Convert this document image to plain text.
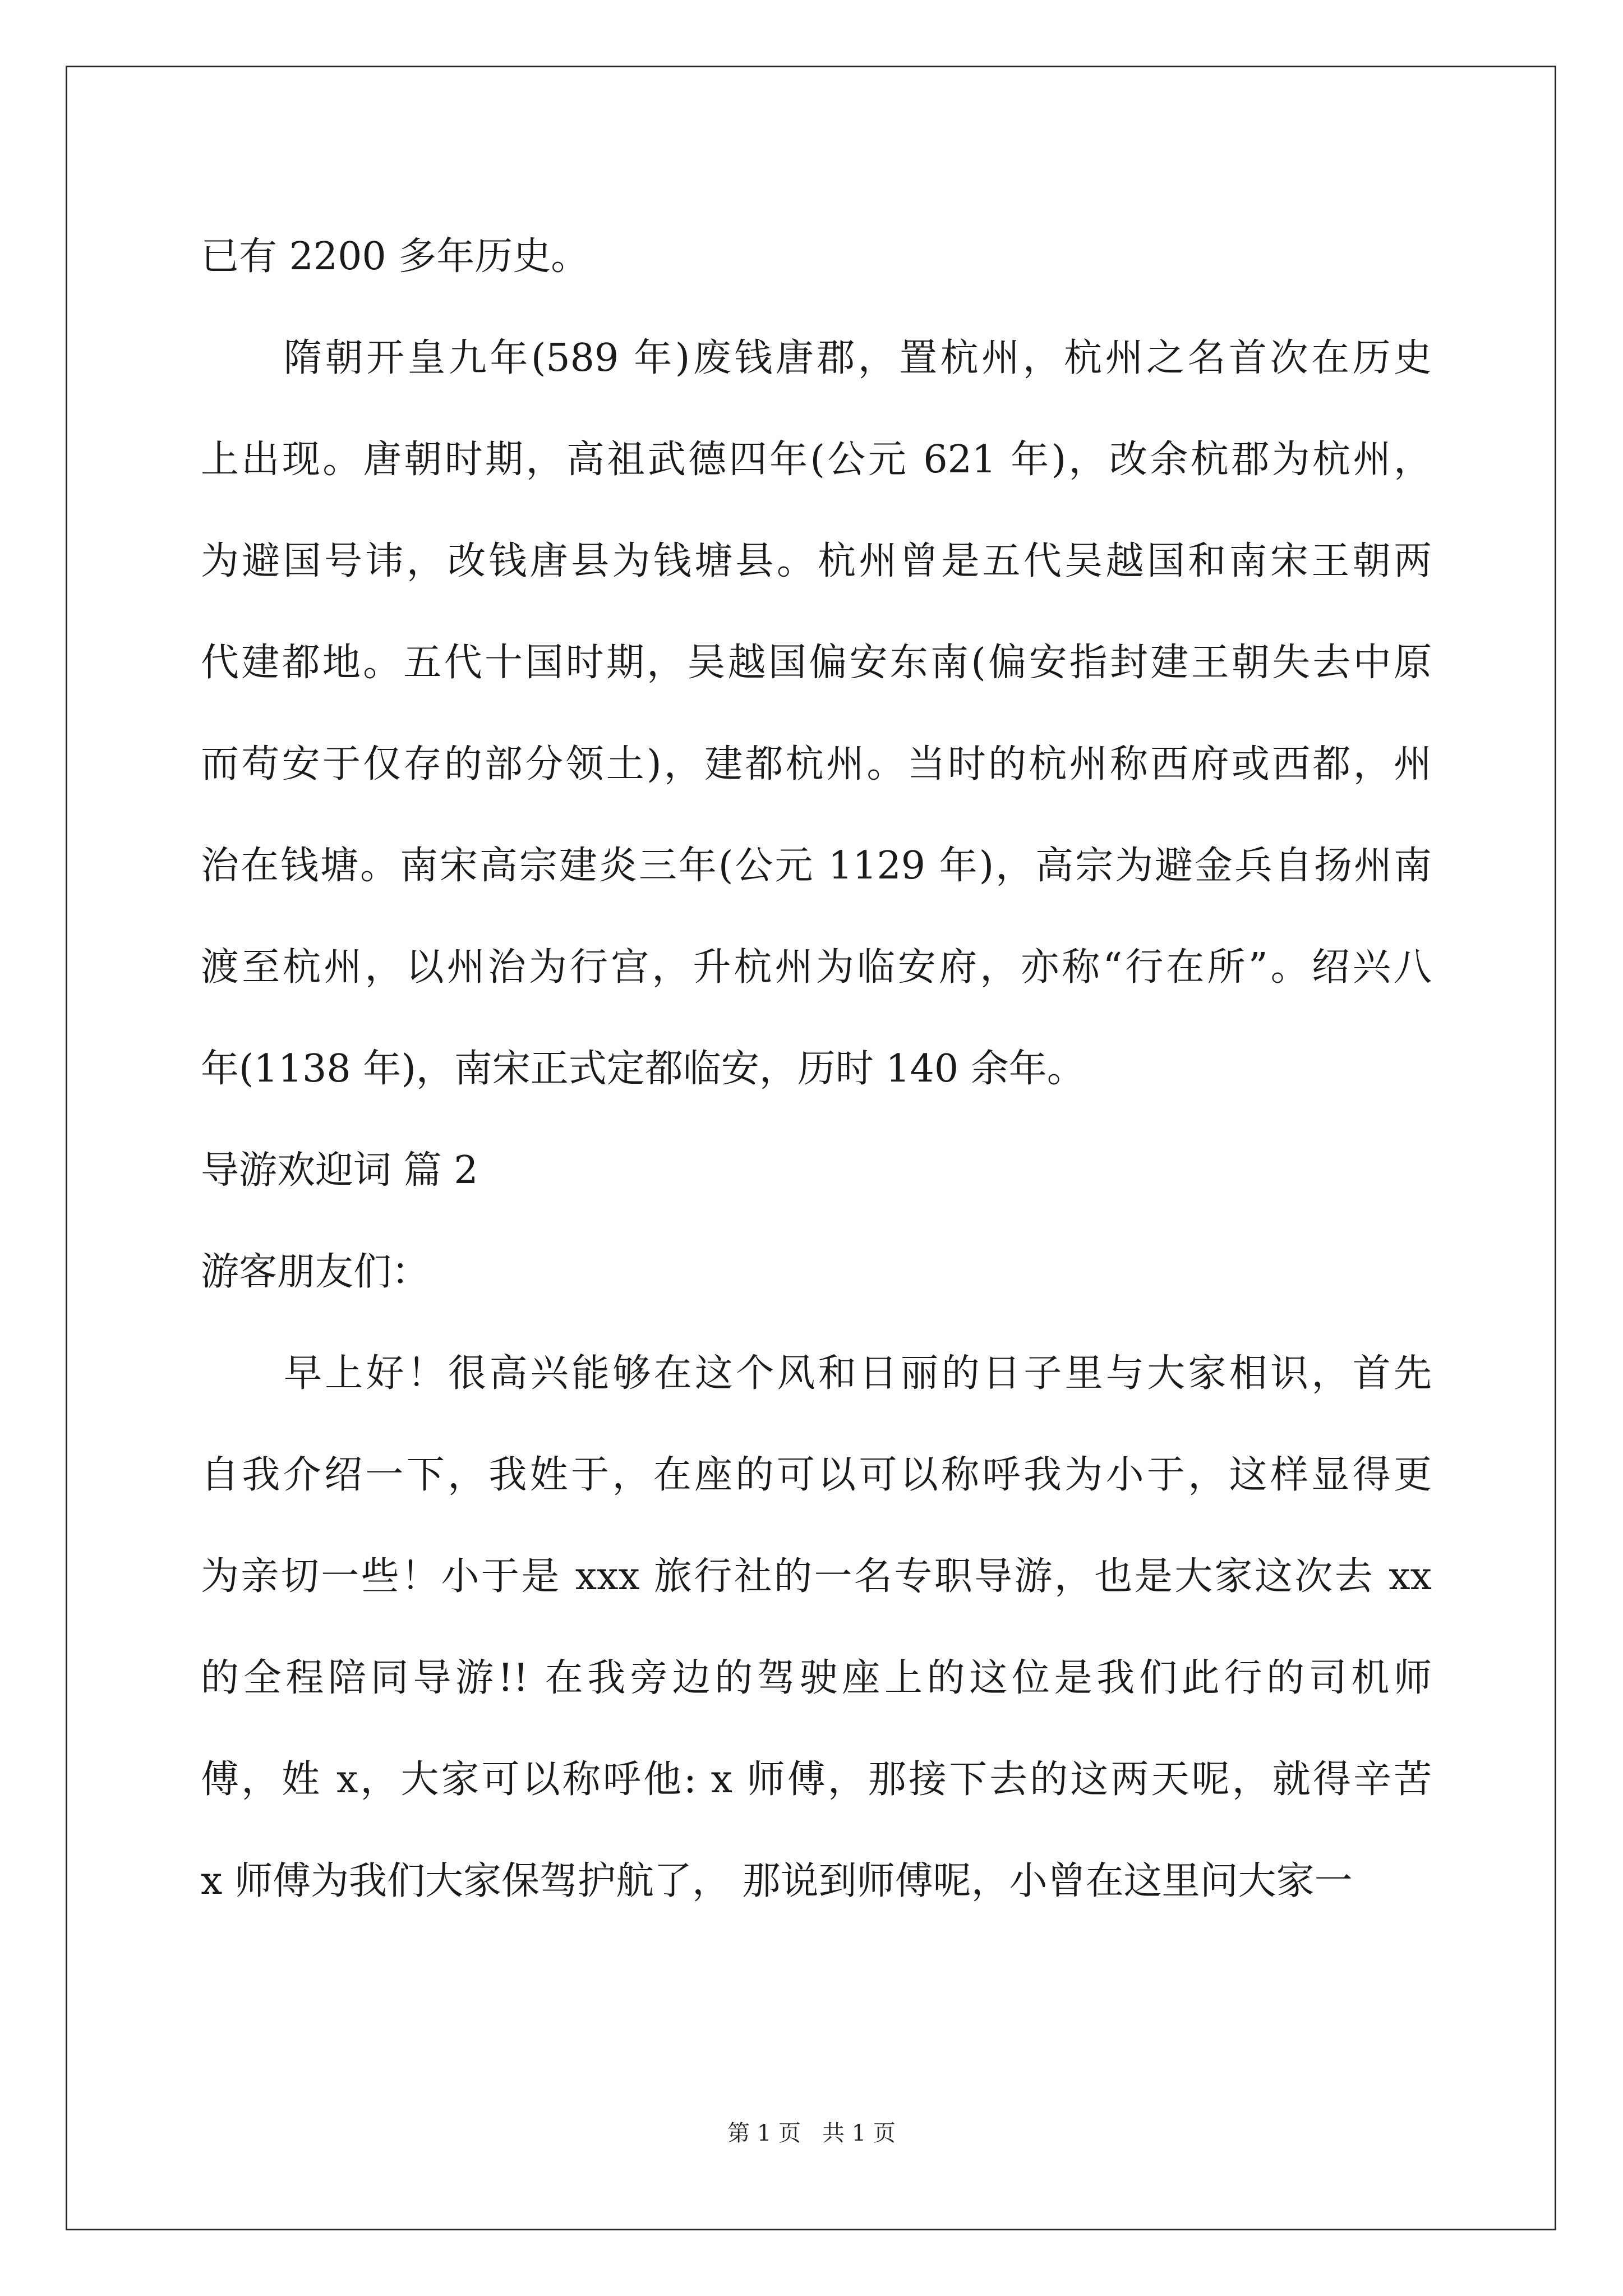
已有 2200 多年历史。
隋朝开皇九年(589 年)废钱唐郡，置杭州，杭州之名首次在历史
上出现。唐朝时期，高祖武德四年(公元 621 年)，改余杭郡为杭州，
为避国号讳，改钱唐县为钱塘县。杭州曾是五代吴越国和南宋王朝两
代建都地。五代十国时期，吴越国偏安东南(偏安指封建王朝失去中原
而苟安于仅存的部分领土)，建都杭州。当时的杭州称西府或西都，州
治在钱塘。南宋高宗建炎三年(公元 1129 年)，高宗为避金兵自扬州南
渡至杭州，以州治为行宫，升杭州为临安府，亦称“行在所”。绍兴八
年(1138 年)，南宋正式定都临安，历时 140 余年。
导游欢迎词 篇 2
游客朋友们：
早上好！很高兴能够在这个风和日丽的日子里与大家相识，首先
自我介绍一下，我姓于，在座的可以可以称呼我为小于，这样显得更
为亲切一些！小于是 xxx 旅行社的一名专职导游，也是大家这次去 xx
的全程陪同导游!! 在我旁边的驾驶座上的这位是我们此行的司机师
傅，姓 x，大家可以称呼他: x 师傅，那接下去的这两天呢，就得辛苦
x 师傅为我们大家保驾护航了， 那说到师傅呢，小曾在这里问大家一
第 1 页 共 1 页
